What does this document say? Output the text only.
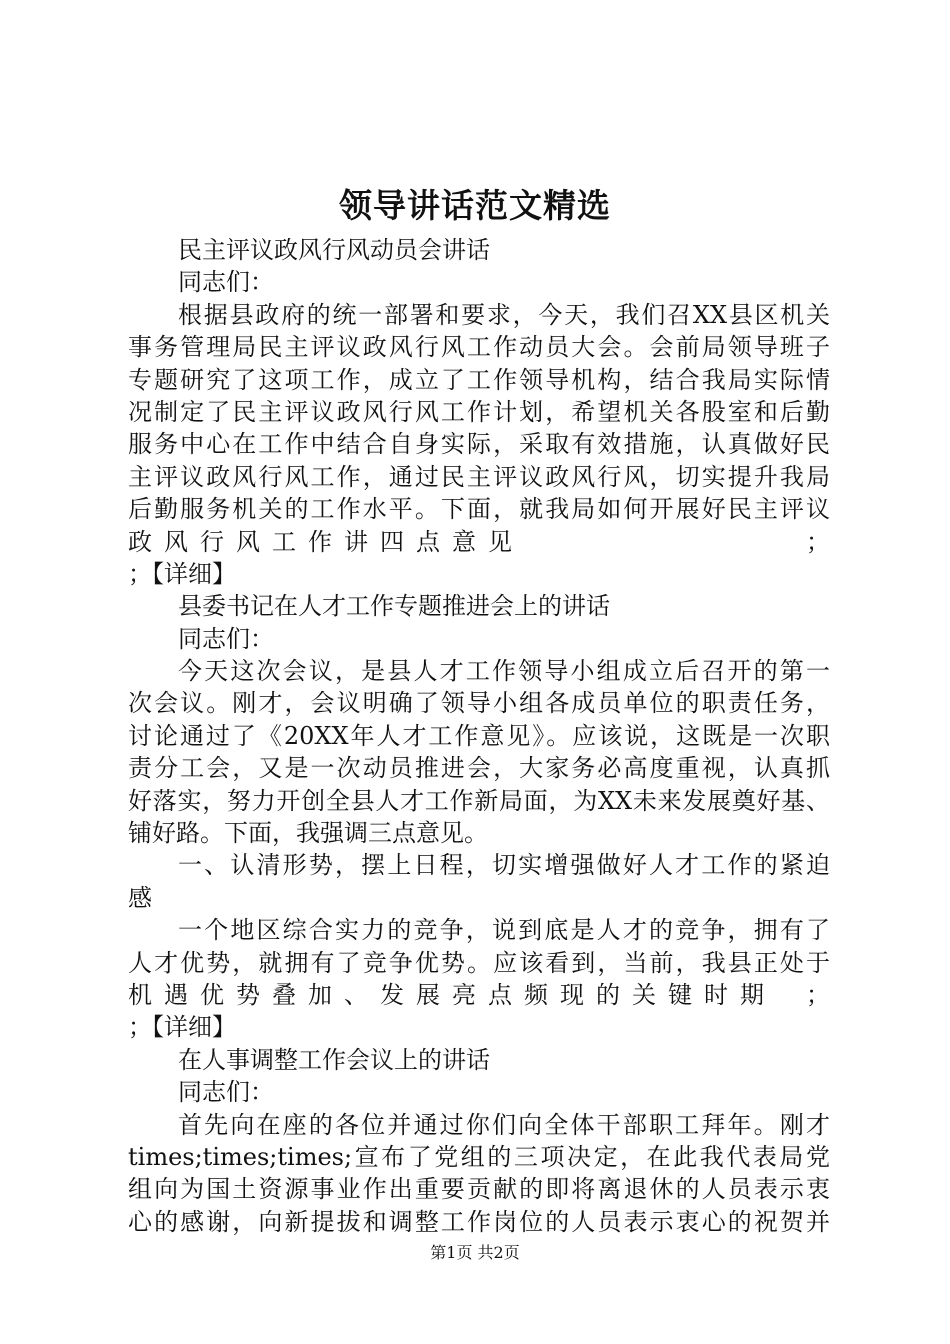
领导讲话范文精选
民主评议政风行风动员会讲话
同志们：
根据县政府的统一部署和要求，今天，我们召XX县区机关
事务管理局民主评议政风行风工作动员大会。会前局领导班子
专题研究了这项工作，成立了工作领导机构，结合我局实际情
况制定了民主评议政风行风工作计划，希望机关各股室和后勤
服务中心在工作中结合自身实际，采取有效措施，认真做好民
主评议政风行风工作，通过民主评议政风行风，切实提升我局
后勤服务机关的工作水平。下面，就我局如何开展好民主评议
政风行风工作讲四点意见	；
；【详细】
县委书记在人才工作专题推进会上的讲话
同志们：
今天这次会议，是县人才工作领导小组成立后召开的第一
次会议。刚才，会议明确了领导小组各成员单位的职责任务，
讨论通过了《20XX年人才工作意见》。应该说，这既是一次职
责分工会，又是一次动员推进会，大家务必高度重视，认真抓
好落实，努力开创全县人才工作新局面，为XX未来发展奠好基、
铺好路。下面，我强调三点意见。
一、认清形势，摆上日程，切实增强做好人才工作的紧迫
感
一个地区综合实力的竞争，说到底是人才的竞争，拥有了
人才优势，就拥有了竞争优势。应该看到，当前，我县正处于
机遇优势叠加、发展亮点频现的关键时期 ；
；【详细】
在人事调整工作会议上的讲话
同志们：
首先向在座的各位并通过你们向全体干部职工拜年。刚才
times;times;times;宣布了党组的三项决定，在此我代表局党
组向为国土资源事业作出重要贡献的即将离退休的人员表示衷
心的感谢，向新提拔和调整工作岗位的人员表示衷心的祝贺并
第1页 共2页
